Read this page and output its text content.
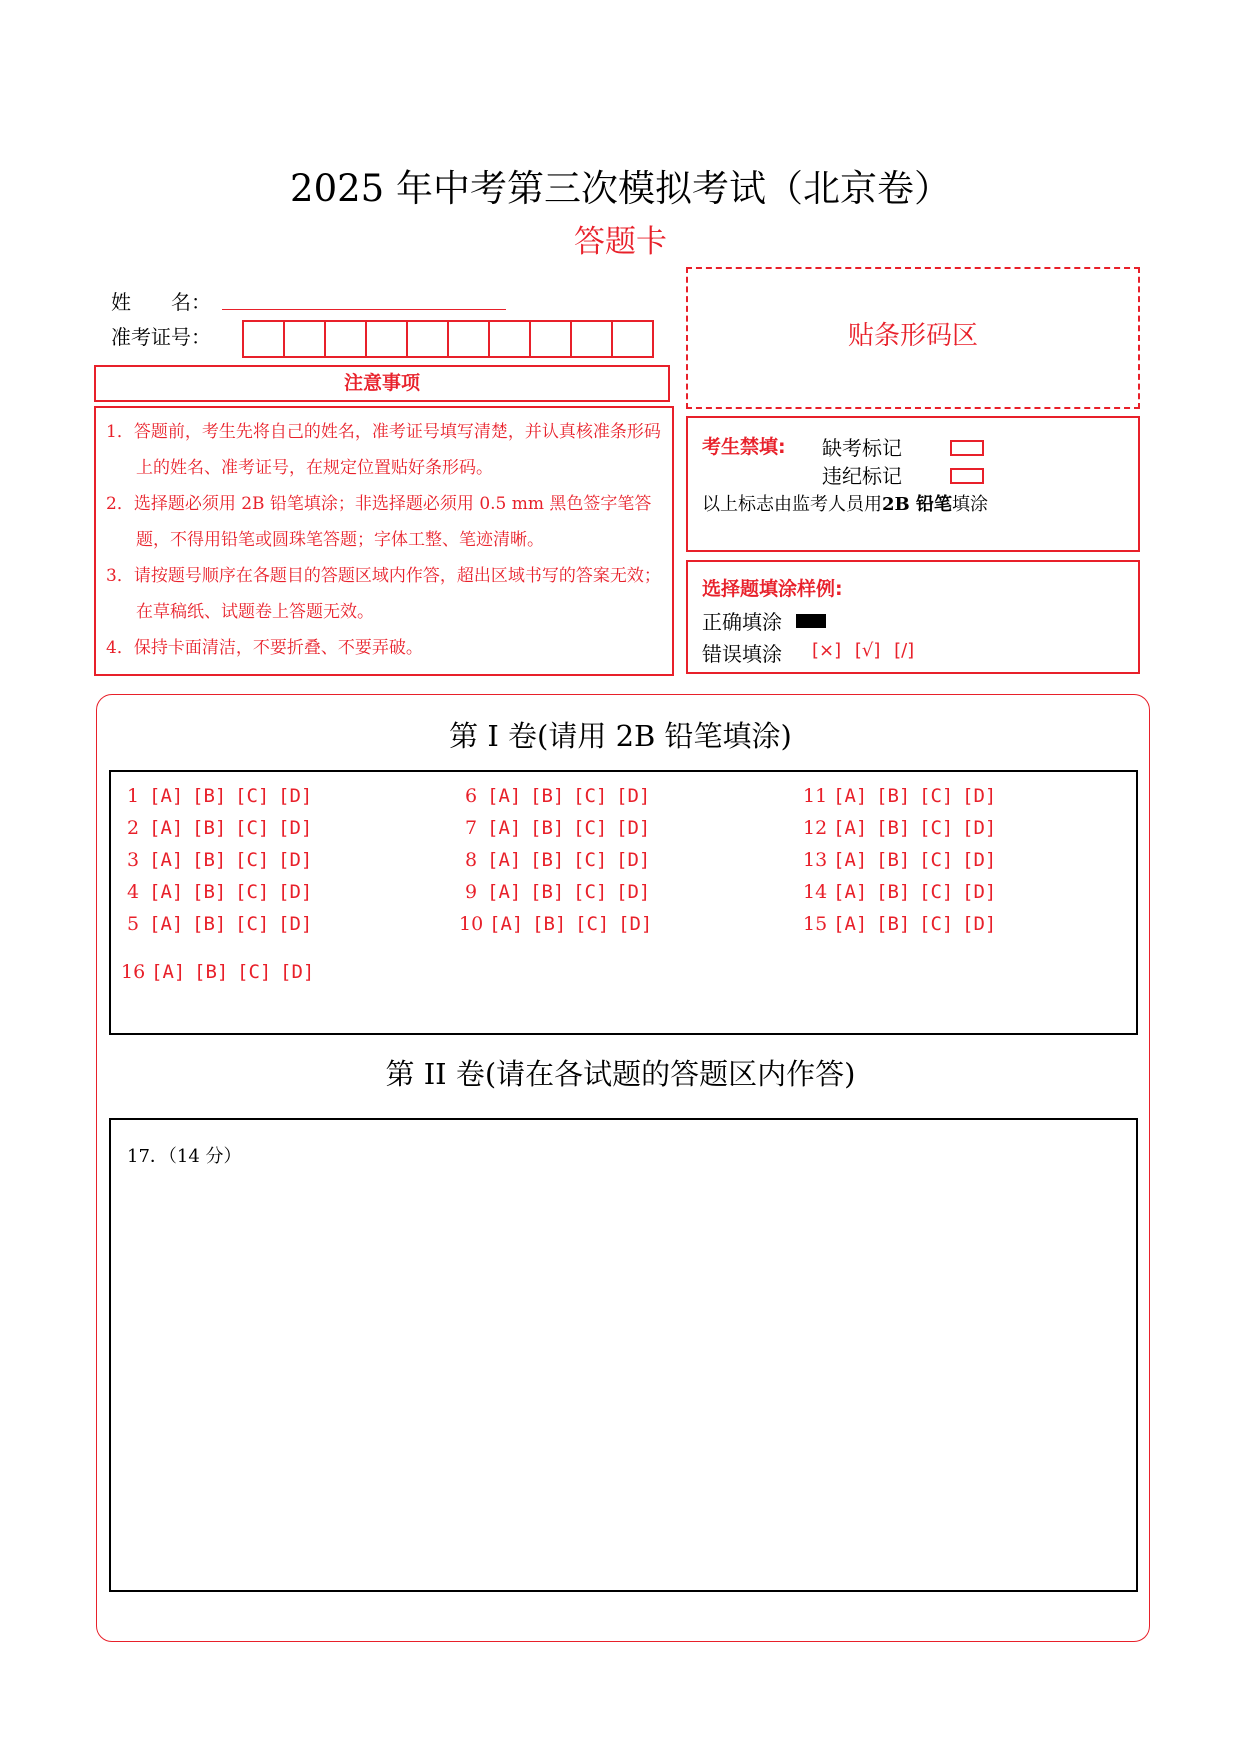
2025 年中考第三次模拟考试（北京卷）
答题卡
姓　　名：
准考证号：
注意事项
1．答题前，考生先将自己的姓名，准考证号填写清楚，并认真核准条形码上的姓名、准考证号，在规定位置贴好条形码。
2．选择题必须用 2B 铅笔填涂；非选择题必须用 0.5 mm 黑色签字笔答题，不得用铅笔或圆珠笔答题；字体工整、笔迹清晰。
3．请按题号顺序在各题目的答题区域内作答，超出区域书写的答案无效；在草稿纸、试题卷上答题无效。
4．保持卡面清洁，不要折叠、不要弄破。
贴条形码区
考生禁填: 缺考标记
违纪标记
以上标志由监考人员用2B 铅笔填涂
选择题填涂样例:
正确填涂
错误填涂 [×] [√] [/]
第 I 卷(请用 2B 铅笔填涂)
1 [A] [B] [C] [D]
2 [A] [B] [C] [D]
3 [A] [B] [C] [D]
4 [A] [B] [C] [D]
5 [A] [B] [C] [D]
6 [A] [B] [C] [D]
7 [A] [B] [C] [D]
8 [A] [B] [C] [D]
9 [A] [B] [C] [D]
10 [A] [B] [C] [D]
11 [A] [B] [C] [D]
12 [A] [B] [C] [D]
13 [A] [B] [C] [D]
14 [A] [B] [C] [D]
15 [A] [B] [C] [D]
16 [A] [B] [C] [D]
第 II 卷(请在各试题的答题区内作答)
17．（14 分）
